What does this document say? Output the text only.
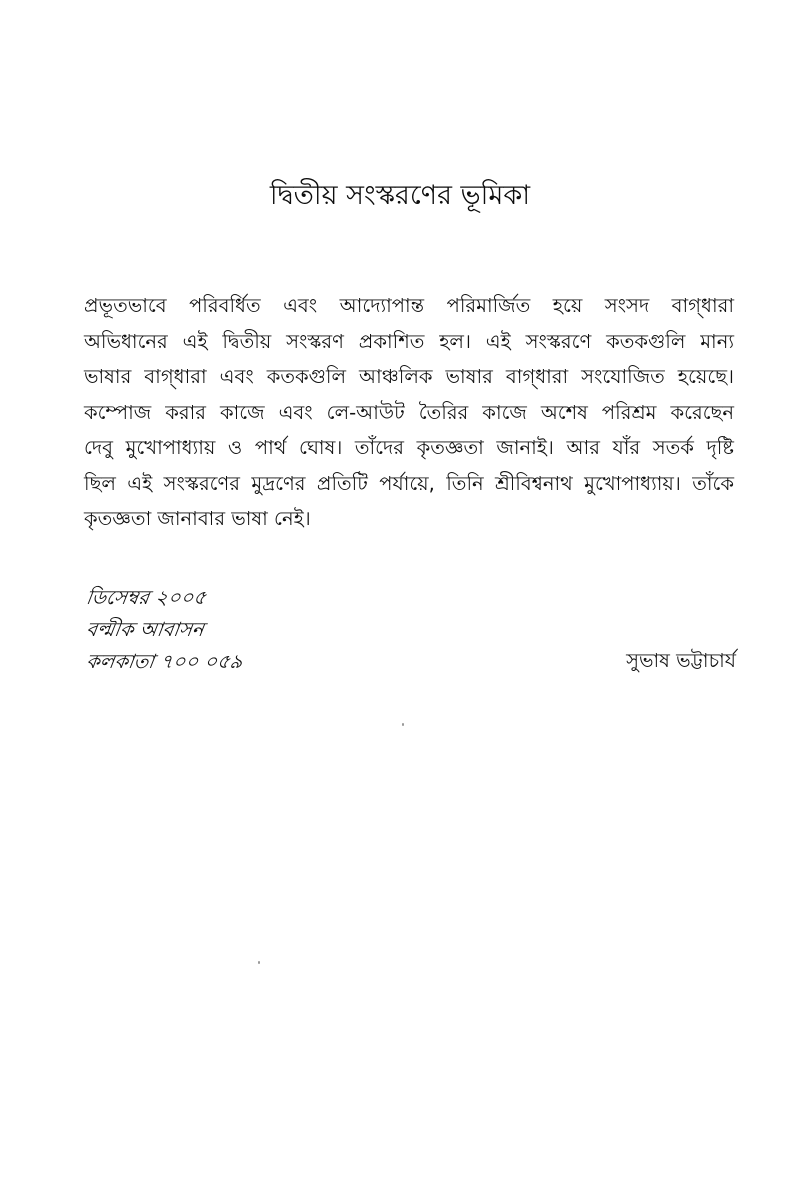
দ্বিতীয় সংস্করণের ভূমিকা
প্রভূতভাবে পরিবর্ধিত এবং আদ্যোপান্ত পরিমার্জিত হয়ে সংসদ বাগ্‌ধারা
অভিধানের এই দ্বিতীয় সংস্করণ প্রকাশিত হল। এই সংস্করণে কতকগুলি মান্য
ভাষার বাগ্‌ধারা এবং কতকগুলি আঞ্চলিক ভাষার বাগ্‌ধারা সংযোজিত হয়েছে।
কম্পোজ করার কাজে এবং লে-আউট তৈরির কাজে অশেষ পরিশ্রম করেছেন
দেবু মুখোপাধ্যায় ও পার্থ ঘোষ। তাঁদের কৃতজ্ঞতা জানাই। আর যাঁর সতর্ক দৃষ্টি
ছিল এই সংস্করণের মুদ্রণের প্রতিটি পর্যায়ে, তিনি শ্রীবিশ্বনাথ মুখোপাধ্যায়। তাঁকে
কৃতজ্ঞতা জানাবার ভাষা নেই।
ডিসেম্বর ২০০৫
বল্মীক আবাসন
কলকাতা ৭০০ ০৫৯	সুভাষ ভট্টাচার্য
